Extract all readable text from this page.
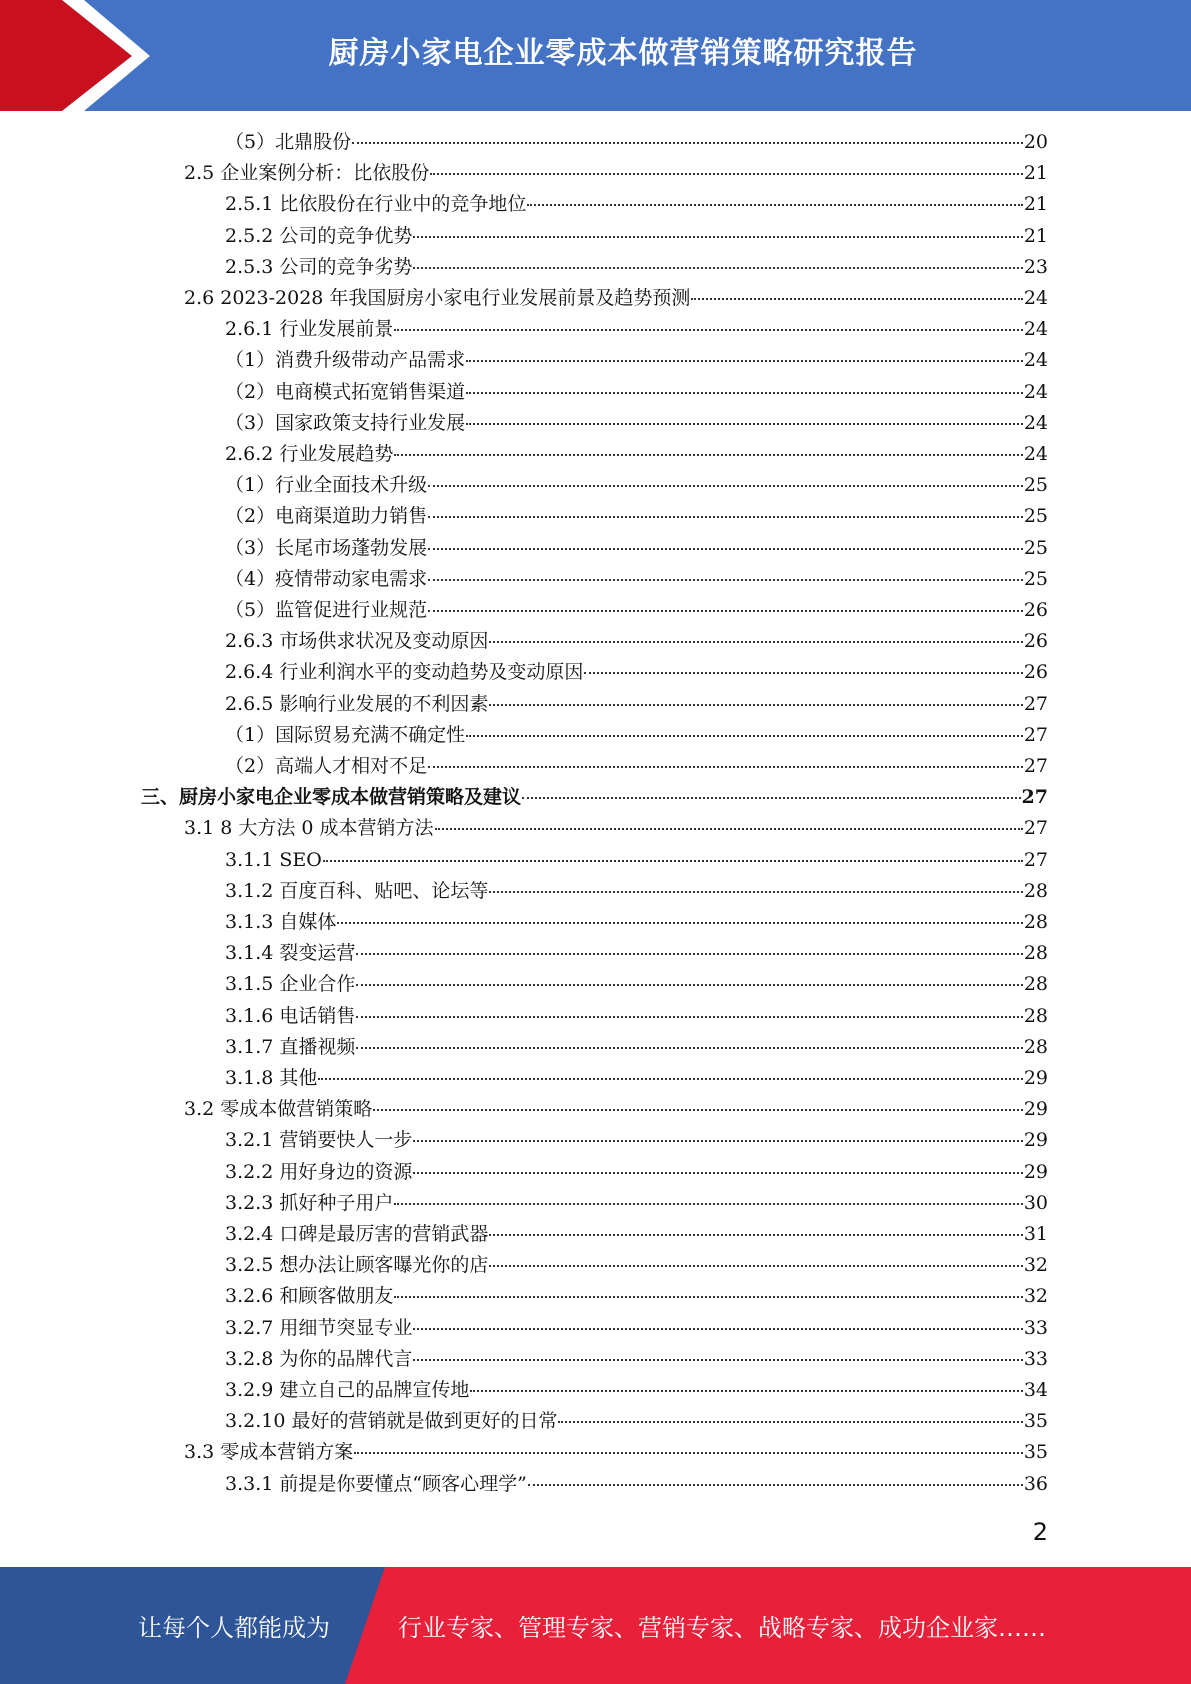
厨房小家电企业零成本做营销策略研究报告
（5）北鼎股份	20
2.5 企业案例分析：比依股份	21
2.5.1 比依股份在行业中的竞争地位	21
2.5.2 公司的竞争优势	21
2.5.3 公司的竞争劣势	23
2.6 2023-2028 年我国厨房小家电行业发展前景及趋势预测	24
2.6.1 行业发展前景	24
（1）消费升级带动产品需求	24
（2）电商模式拓宽销售渠道	24
（3）国家政策支持行业发展	24
2.6.2 行业发展趋势	24
（1）行业全面技术升级	25
（2）电商渠道助力销售	25
（3）长尾市场蓬勃发展	25
（4）疫情带动家电需求	25
（5）监管促进行业规范	26
2.6.3 市场供求状况及变动原因	26
2.6.4 行业利润水平的变动趋势及变动原因	26
2.6.5 影响行业发展的不利因素	27
（1）国际贸易充满不确定性	27
（2）高端人才相对不足	27
三、厨房小家电企业零成本做营销策略及建议	27
3.1 8 大方法 0 成本营销方法	27
3.1.1 SEO	27
3.1.2 百度百科、贴吧、论坛等	28
3.1.3 自媒体	28
3.1.4 裂变运营	28
3.1.5 企业合作	28
3.1.6 电话销售	28
3.1.7 直播视频	28
3.1.8 其他	29
3.2 零成本做营销策略	29
3.2.1 营销要快人一步	29
3.2.2 用好身边的资源	29
3.2.3 抓好种子用户	30
3.2.4 口碑是最厉害的营销武器	31
3.2.5 想办法让顾客曝光你的店	32
3.2.6 和顾客做朋友	32
3.2.7 用细节突显专业	33
3.2.8 为你的品牌代言	33
3.2.9 建立自己的品牌宣传地	34
3.2.10 最好的营销就是做到更好的日常	35
3.3 零成本营销方案	35
3.3.1 前提是你要懂点“顾客心理学”	36
2
让每个人都能成为	行业专家、管理专家、营销专家、战略专家、成功企业家……
